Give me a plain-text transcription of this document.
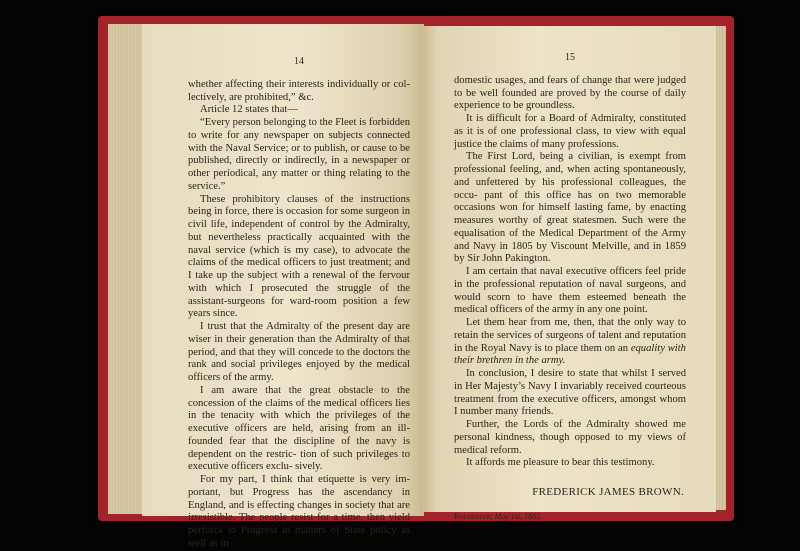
14

whether affecting their interests individually or col- lectively, are prohibited,” &c.

Article 12 states that—

“Every person belonging to the Fleet is forbidden to write for any newspaper on subjects connected with the Naval Service; or to publish, or cause to be published, directly or indirectly, in a newspaper or other periodical, any matter or thing relating to the service.”

These prohibitory clauses of the instructions being in force, there is occasion for some surgeon in civil life, independent of control by the Admiralty, but nevertheless practically acquainted with the naval service (which is my case), to advocate the claims of the medical officers to just treatment; and I take up the subject with a renewal of the fervour with which I prosecuted the struggle of the assistant-surgeons for ward-room position a few years since.

I trust that the Admiralty of the present day are wiser in their generation than the Admiralty of that period, and that they will concede to the doctors the rank and social privileges enjoyed by the medical officers of the army.

I am aware that the great obstacle to the concession of the claims of the medical officers lies in the tenacity with which the privileges of the executive officers are held, arising from an ill-founded fear that the discipline of the navy is dependent on the restric- tion of such privileges to executive officers exclu- sively.

For my part, I think that etiquette is very im- portant, but Progress has the ascendancy in England, and is effecting changes in society that are irresistible. The people resist for a time, then yield perforce to Progress in matters of State policy as well as in

15

domestic usages, and fears of change that were judged to be well founded are proved by the course of daily experience to be groundless.

It is difficult for a Board of Admiralty, constituted as it is of one professional class, to view with equal justice the claims of many professions.

The First Lord, being a civilian, is exempt from professional feeling, and, when acting spontaneously, and unfettered by his professional colleagues, the occu- pant of this office has on two memorable occasions won for himself lasting fame, by enacting measures worthy of great statesmen. Such were the equalisation of the Medical Department of the Army and Navy in 1805 by Viscount Melville, and in 1859 by Sir John Pakington.

I am certain that naval executive officers feel pride in the professional reputation of naval surgeons, and would scorn to have them esteemed beneath the medical officers of the army in any one point.

Let them hear from me, then, that the only way to retain the services of surgeons of talent and reputation in the Royal Navy is to place them on an equality with their brethren in the army.

In conclusion, I desire to state that whilst I served in Her Majesty’s Navy I invariably received courteous treatment from the executive officers, amongst whom I number many friends.

Further, the Lords of the Admiralty showed me personal kindness, though opposed to my views of medical reform.

It affords me pleasure to bear this testimony.

FREDERICK JAMES BROWN.

Rochester; May 1st, 1865.
